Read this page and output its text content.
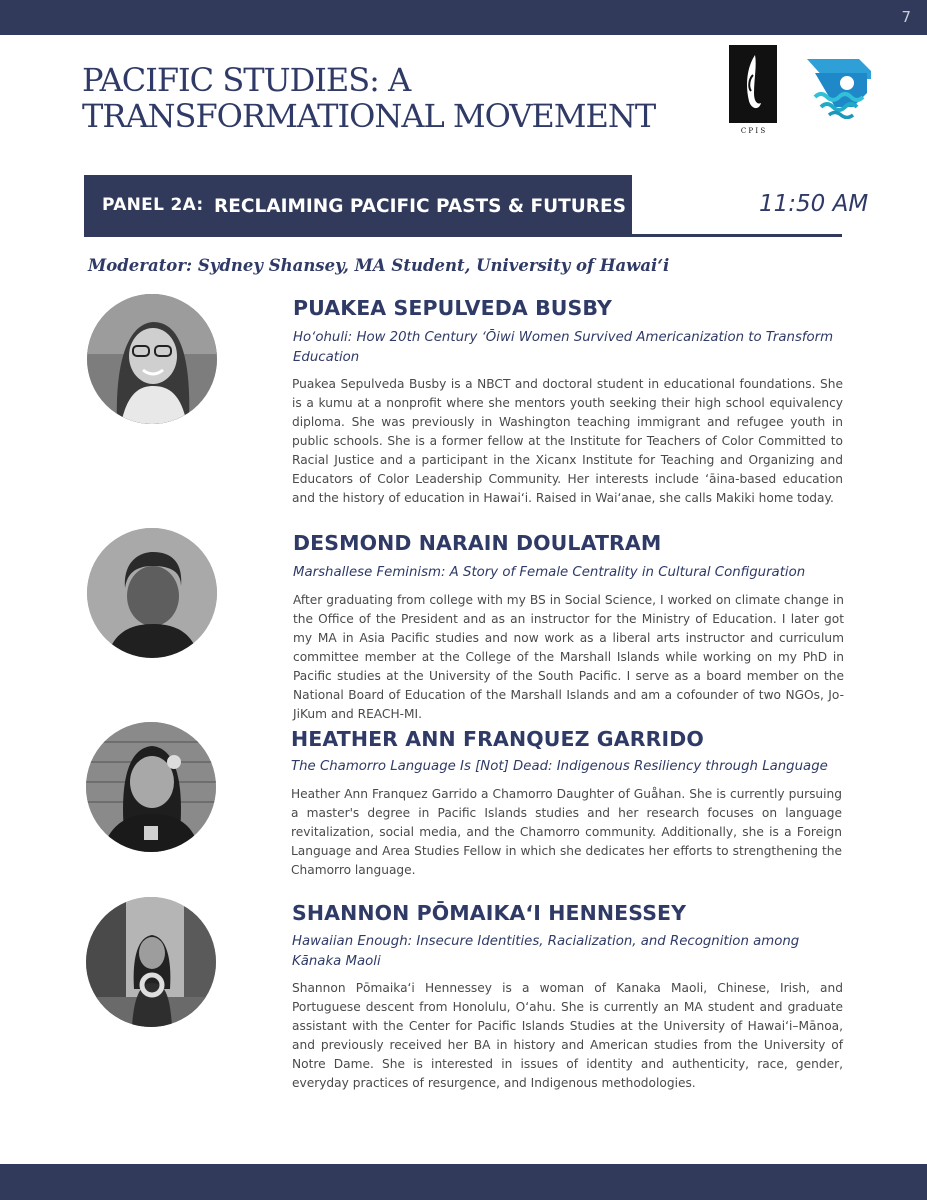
7
PACIFIC STUDIES: A
TRANSFORMATIONAL MOVEMENT	C P I S
PANEL 2A: RECLAIMING PACIFIC PASTS & FUTURES	11:50 AM
Moderator: Sydney Shansey, MA Student, University of Hawaiʻi
PUAKEA SEPULVEDA BUSBY
Hoʻohuli: How 20th Century ʻŌiwi Women Survived Americanization to Transform Education
Puakea Sepulveda Busby is a NBCT and doctoral student in educational foundations. She is a kumu at a nonprofit where she mentors youth seeking their high school equivalency diploma. She was previously in Washington teaching immigrant and refugee youth in public schools. She is a former fellow at the Institute for Teachers of Color Committed to Racial Justice and a participant in the Xicanx Institute for Teaching and Organizing and Educators of Color Leadership Community. Her interests include ʻāina-based education and the history of education in Hawaiʻi. Raised in Waiʻanae, she calls Makiki home today.
DESMOND NARAIN DOULATRAM
Marshallese Feminism: A Story of Female Centrality in Cultural Configuration
After graduating from college with my BS in Social Science, I worked on climate change in the Office of the President and as an instructor for the Ministry of Education. I later got my MA in Asia Pacific studies and now work as a liberal arts instructor and curriculum committee member at the College of the Marshall Islands while working on my PhD in Pacific studies at the University of the South Pacific. I serve as a board member on the National Board of Education of the Marshall Islands and am a cofounder of two NGOs, Jo-JiKum and REACH-MI.
HEATHER ANN FRANQUEZ GARRIDO
The Chamorro Language Is [Not] Dead: Indigenous Resiliency through Language
Heather Ann Franquez Garrido a Chamorro Daughter of Guåhan. She is currently pursuing a master's degree in Pacific Islands studies and her research focuses on language revitalization, social media, and the Chamorro community. Additionally, she is a Foreign Language and Area Studies Fellow in which she dedicates her efforts to strengthening the Chamorro language.
SHANNON PŌMAIKAʻI HENNESSEY
Hawaiian Enough: Insecure Identities, Racialization, and Recognition among Kānaka Maoli
Shannon Pōmaikaʻi Hennessey is a woman of Kanaka Maoli, Chinese, Irish, and Portuguese descent from Honolulu, Oʻahu. She is currently an MA student and graduate assistant with the Center for Pacific Islands Studies at the University of Hawaiʻi–Mānoa, and previously received her BA in history and American studies from the University of Notre Dame. She is interested in issues of identity and authenticity, race, gender, everyday practices of resurgence, and Indigenous methodologies.
